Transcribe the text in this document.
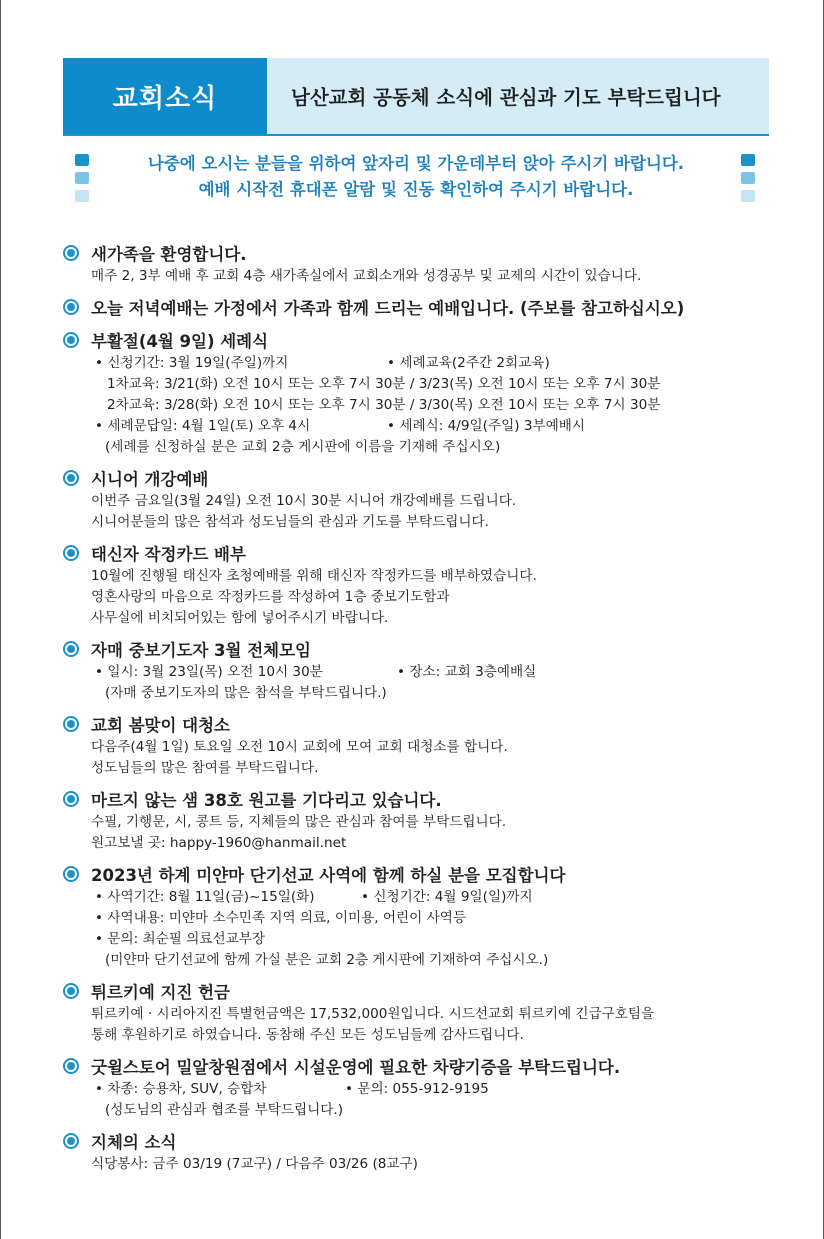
교회소식	남산교회 공동체 소식에 관심과 기도 부탁드립니다
나중에 오시는 분들을 위하여 앞자리 및 가운데부터 앉아 주시기 바랍니다.
예배 시작전 휴대폰 알람 및 진동 확인하여 주시기 바랍니다.
새가족을 환영합니다.
매주 2, 3부 예배 후 교회 4층 새가족실에서 교회소개와 성경공부 및 교제의 시간이 있습니다.
오늘 저녁예배는 가정에서 가족과 함께 드리는 예배입니다. (주보를 참고하십시오)
부활절(4월 9일) 세례식
• 신청기간: 3월 19일(주일)까지	• 세례교육(2주간 2회교육)
1차교육: 3/21(화) 오전 10시 또는 오후 7시 30분 / 3/23(목) 오전 10시 또는 오후 7시 30분
2차교육: 3/28(화) 오전 10시 또는 오후 7시 30분 / 3/30(목) 오전 10시 또는 오후 7시 30분
• 세례문답일: 4월 1일(토) 오후 4시	• 세례식: 4/9일(주일) 3부예배시
(세례를 신청하실 분은 교회 2층 게시판에 이름을 기재해 주십시오)
시니어 개강예배
이번주 금요일(3월 24일) 오전 10시 30분 시니어 개강예배를 드립니다.
시니어분들의 많은 참석과 성도님들의 관심과 기도를 부탁드립니다.
태신자 작정카드 배부
10월에 진행될 태신자 초청예배를 위해 태신자 작정카드를 배부하였습니다.
영혼사랑의 마음으로 작정카드를 작성하여 1층 중보기도함과
사무실에 비치되어있는 함에 넣어주시기 바랍니다.
자매 중보기도자 3월 전체모임
• 일시: 3월 23일(목) 오전 10시 30분	• 장소: 교회 3층예배실
(자매 중보기도자의 많은 참석을 부탁드립니다.)
교회 봄맞이 대청소
다음주(4월 1일) 토요일 오전 10시 교회에 모여 교회 대청소를 합니다.
성도님들의 많은 참여를 부탁드립니다.
마르지 않는 샘 38호 원고를 기다리고 있습니다.
수필, 기행문, 시, 콩트 등, 지체들의 많은 관심과 참여를 부탁드립니다.
원고보낼 곳: happy-1960@hanmail.net
2023년 하계 미얀마 단기선교 사역에 함께 하실 분을 모집합니다
• 사역기간: 8월 11일(금)~15일(화)	• 신청기간: 4월 9일(일)까지
• 사역내용: 미얀마 소수민족 지역 의료, 이미용, 어린이 사역등
• 문의: 최순필 의료선교부장
(미얀마 단기선교에 함께 가실 분은 교회 2층 게시판에 기재하여 주십시오.)
튀르키예 지진 헌금
튀르키예 · 시리아지진 특별헌금액은 17,532,000원입니다. 시드선교회 튀르키예 긴급구호팀을
통해 후원하기로 하였습니다. 동참해 주신 모든 성도님들께 감사드립니다.
굿윌스토어 밀알창원점에서 시설운영에 필요한 차량기증을 부탁드립니다.
• 차종: 승용차, SUV, 승합차	• 문의: 055-912-9195
(성도님의 관심과 협조를 부탁드립니다.)
지체의 소식
식당봉사: 금주 03/19 (7교구) / 다음주 03/26 (8교구)
